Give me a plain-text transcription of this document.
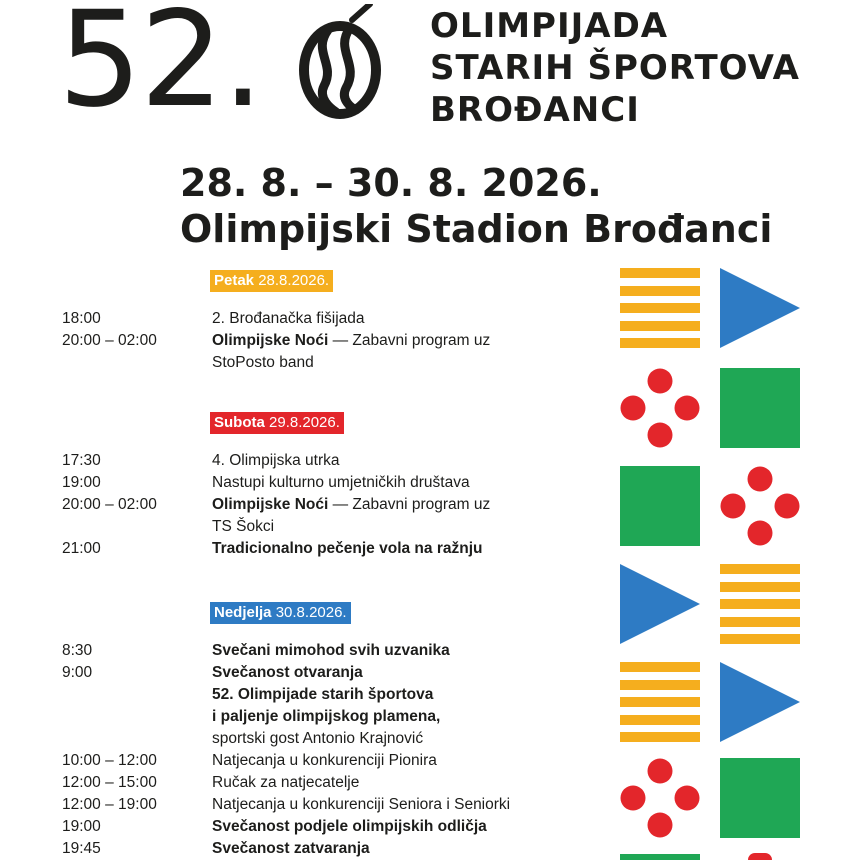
52.	OLIMPIJADA
STARIH ŠPORTOVA
BROĐANCI
28. 8. – 30. 8. 2026.
Olimpijski Stadion Brođanci
Petak 28.8.2026.
18:00	2. Brođanačka fišijada
20:00 – 02:00	Olimpijske Noći — Zabavni program uz
StoPosto band
Subota 29.8.2026.
17:30	4. Olimpijska utrka
19:00	Nastupi kulturno umjetničkih društava
20:00 – 02:00	Olimpijske Noći — Zabavni program uz
TS Šokci
21:00	Tradicionalno pečenje vola na ražnju
Nedjelja 30.8.2026.
8:30	Svečani mimohod svih uzvanika
9:00	Svečanost otvaranja
52. Olimpijade starih športova
i paljenje olimpijskog plamena,
sportski gost Antonio Krajnović
10:00 – 12:00	Natjecanja u konkurenciji Pionira
12:00 – 15:00	Ručak za natjecatelje
12:00 – 19:00	Natjecanja u konkurenciji Seniora i Seniorki
19:00	Svečanost podjele olimpijskih odličja
19:45	Svečanost zatvaranja
